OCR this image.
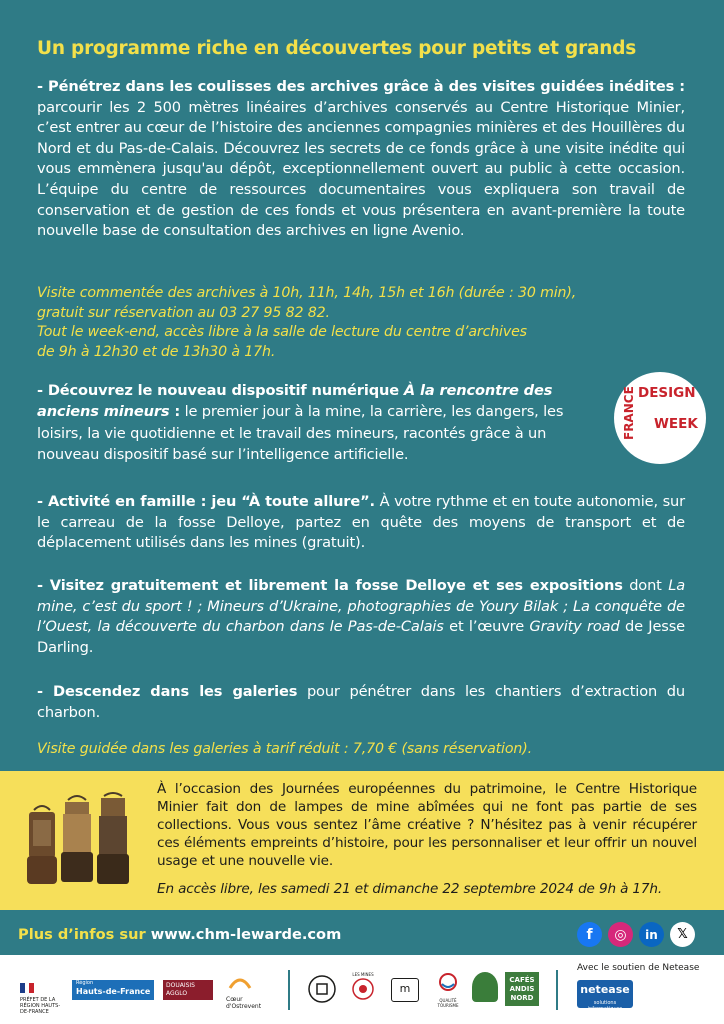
Un programme riche en découvertes pour petits et grands

- Pénétrez dans les coulisses des archives grâce à des visites guidées inédites : parcourir les 2 500 mètres linéaires d’archives conservés au Centre Historique Minier, c’est entrer au cœur de l’histoire des anciennes compagnies minières et des Houillères du Nord et du Pas-de-Calais. Découvrez les secrets de ce fonds grâce à une visite inédite qui vous emmènera jusqu'au dépôt, exceptionnellement ouvert au public à cette occasion. L’équipe du centre de ressources documentaires vous expliquera son travail de conservation et de gestion de ces fonds et vous présentera en avant-première la toute nouvelle base de consultation des archives en ligne Avenio.

Visite commentée des archives à 10h, 11h, 14h, 15h et 16h (durée : 30 min),
gratuit sur réservation au 03 27 95 82 82.
Tout le week-end, accès libre à la salle de lecture du centre d’archives
de 9h à 12h30 et de 13h30 à 17h.

- Découvrez le nouveau dispositif numérique À la rencontre des anciens mineurs : le premier jour à la mine, la carrière, les dangers, les loisirs, la vie quotidienne et le travail des mineurs, racontés grâce à un nouveau dispositif basé sur l’intelligence artificielle.

DESIGN
WEEK
FRANCE

- Activité en famille : jeu “À toute allure”. À votre rythme et en toute autonomie, sur le carreau de la fosse Delloye, partez en quête des moyens de transport et de déplacement utilisés dans les mines (gratuit).

- Visitez gratuitement et librement la fosse Delloye et ses expositions dont La mine, c’est du sport ! ; Mineurs d’Ukraine, photographies de Youry Bilak ; La conquête de l’Ouest, la découverte du charbon dans le Pas-de-Calais et l’œuvre Gravity road de Jesse Darling.

- Descendez dans les galeries pour pénétrer dans les chantiers d’extraction du charbon.

Visite guidée dans les galeries à tarif réduit : 7,70 € (sans réservation).

À l’occasion des Journées européennes du patrimoine, le Centre Historique Minier fait don de lampes de mine abîmées qui ne font pas partie de ses collections. Vous vous sentez l’âme créative ? N’hésitez pas à venir récupérer ces éléments empreints d’histoire, pour les personnaliser et leur offrir un nouvel usage et une nouvelle vie.

En accès libre, les samedi 21 et dimanche 22 septembre 2024 de 9h à 17h.

Plus d’infos sur www.chm-lewarde.com	f	◎	in	𝕏
PRÉFET DE LA RÉGION HAUTS-DE-FRANCE
Région
Hauts-de-France
DOUAISIS AGGLO
Cœur d'Ostrevent
LES MINES
m
QUALITÉ TOURISME
CAFÉS
ANDIS
NORD
Avec le soutien de Netease
netease
solutions informatiques
